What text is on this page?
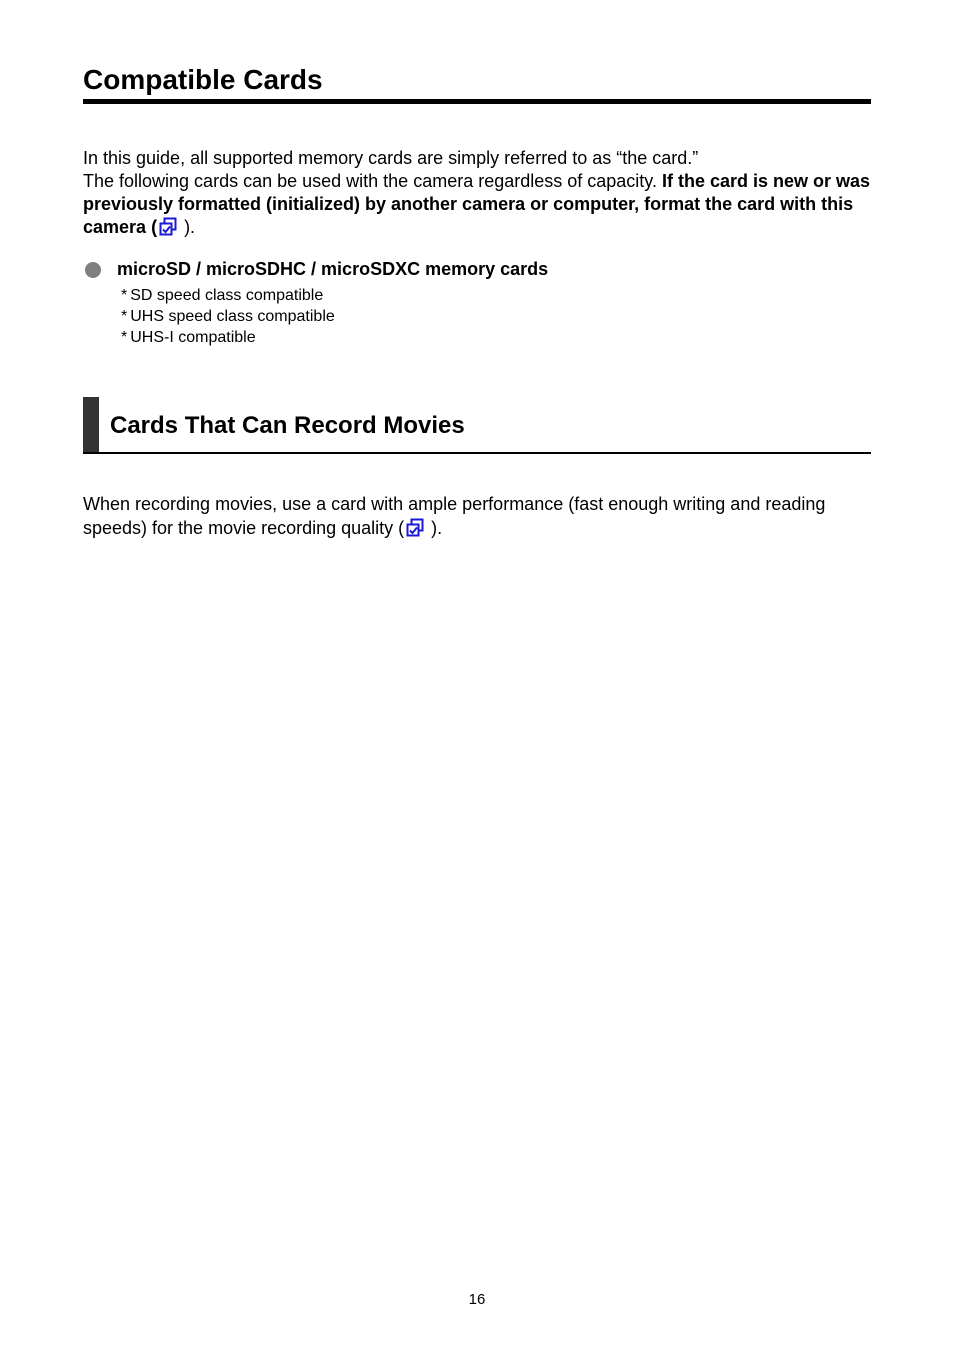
Compatible Cards

In this guide, all supported memory cards are simply referred to as “the card.”

The following cards can be used with the camera regardless of capacity. If the card is new or was previously formatted (initialized) by another camera or computer, format the card with this camera (
).

microSD / microSDHC / microSDXC memory cards
* SD speed class compatible
* UHS speed class compatible
* UHS-I compatible
Cards That Can Record Movies

When recording movies, use a card with ample performance (fast enough writing and reading speeds) for the movie recording quality (
).

16
